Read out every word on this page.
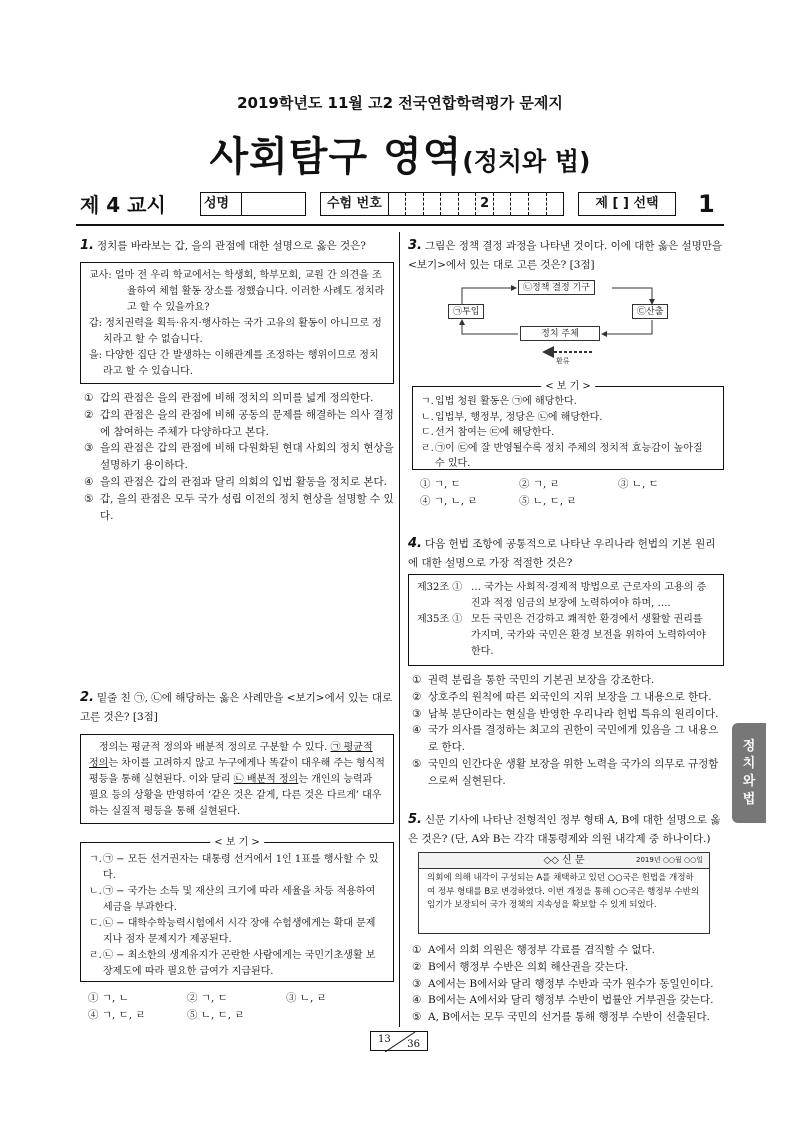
2019학년도 11월 고2 전국연합학력평가 문제지
사회탐구 영역(정치와 법)
제 4 교시	성명	수험 번호	2	제 [ ] 선택 1
1. 정치를 바라보는 갑, 을의 관점에 대한 설명으로 옳은 것은?
교사: 얼마 전 우리 학교에서는 학생회, 학부모회, 교원 간 의견을 조율하여 체험 활동 장소를 정했습니다. 이러한 사례도 정치라고 할 수 있을까요?
갑: 정치권력을 획득·유지·행사하는 국가 고유의 활동이 아니므로 정치라고 할 수 없습니다.
을: 다양한 집단 간 발생하는 이해관계를 조정하는 행위이므로 정치라고 할 수 있습니다.
① 갑의 관점은 을의 관점에 비해 정치의 의미를 넓게 정의한다.
② 갑의 관점은 을의 관점에 비해 공동의 문제를 해결하는 의사 결정에 참여하는 주체가 다양하다고 본다.
③ 을의 관점은 갑의 관점에 비해 다원화된 현대 사회의 정치 현상을 설명하기 용이하다.
④ 을의 관점은 갑의 관점과 달리 의회의 입법 활동을 정치로 본다.
⑤ 갑, 을의 관점은 모두 국가 성립 이전의 정치 현상을 설명할 수 있다.
2. 밑줄 친 ㉠, ㉡에 해당하는 옳은 사례만을 <보기>에서 있는 대로 고른 것은? [3점]
정의는 평균적 정의와 배분적 정의로 구분할 수 있다. ㉠ 평균적 정의는 차이를 고려하지 않고 누구에게나 똑같이 대우해 주는 형식적 평등을 통해 실현된다. 이와 달리 ㉡ 배분적 정의는 개인의 능력과 필요 등의 상황을 반영하여 ‘같은 것은 같게, 다른 것은 다르게’ 대우하는 실질적 평등을 통해 실현된다.
< 보 기 >
ㄱ. ㉠ − 모든 선거권자는 대통령 선거에서 1인 1표를 행사할 수 있다.
ㄴ. ㉠ − 국가는 소득 및 재산의 크기에 따라 세율을 차등 적용하여 세금을 부과한다.
ㄷ. ㉡ − 대학수학능력시험에서 시각 장애 수험생에게는 확대 문제지나 점자 문제지가 제공된다.
ㄹ. ㉡ − 최소한의 생계유지가 곤란한 사람에게는 국민기초생활 보장제도에 따라 필요한 급여가 지급된다.
① ㄱ, ㄴ	② ㄱ, ㄷ	③ ㄴ, ㄹ
④ ㄱ, ㄷ, ㄹ	⑤ ㄴ, ㄷ, ㄹ
3. 그림은 정책 결정 과정을 나타낸 것이다. 이에 대한 옳은 설명만을 <보기>에서 있는 대로 고른 것은? [3점]
㉡정책 결정 기구
㉠투입	㉢산출
정치 주체
환류
< 보 기 >
ㄱ. 입법 청원 활동은 ㉠에 해당한다.
ㄴ. 입법부, 행정부, 정당은 ㉡에 해당한다.
ㄷ. 선거 참여는 ㉢에 해당한다.
ㄹ. ㉠이 ㉢에 잘 반영될수록 정치 주체의 정치적 효능감이 높아질 수 있다.
① ㄱ, ㄷ	② ㄱ, ㄹ	③ ㄴ, ㄷ
④ ㄱ, ㄴ, ㄹ	⑤ ㄴ, ㄷ, ㄹ
4. 다음 헌법 조항에 공통적으로 나타난 우리나라 헌법의 기본 원리에 대한 설명으로 가장 적절한 것은?
제32조 ① … 국가는 사회적·경제적 방법으로 근로자의 고용의 증진과 적정 임금의 보장에 노력하여야 하며, ….
제35조 ① 모든 국민은 건강하고 쾌적한 환경에서 생활할 권리를 가지며, 국가와 국민은 환경 보전을 위하여 노력하여야 한다.
① 권력 분립을 통한 국민의 기본권 보장을 강조한다.
② 상호주의 원칙에 따른 외국인의 지위 보장을 그 내용으로 한다.
③ 남북 분단이라는 현실을 반영한 우리나라 헌법 특유의 원리이다.
④ 국가 의사를 결정하는 최고의 권한이 국민에게 있음을 그 내용으로 한다.
⑤ 국민의 인간다운 생활 보장을 위한 노력을 국가의 의무로 규정함으로써 실현된다.
5. 신문 기사에 나타난 전형적인 정부 형태 A, B에 대한 설명으로 옳은 것은? (단, A와 B는 각각 대통령제와 의원 내각제 중 하나이다.)
◇◇ 신 문	2019년 ○○월 ○○일
의회에 의해 내각이 구성되는 A를 채택하고 있던 ○○국은 헌법을 개정하여 정부 형태를 B로 변경하였다. 이번 개정을 통해 ○○국은 행정부 수반의 임기가 보장되어 국가 정책의 지속성을 확보할 수 있게 되었다.
① A에서 의회 의원은 행정부 각료를 겸직할 수 없다.
② B에서 행정부 수반은 의회 해산권을 갖는다.
③ A에서는 B에서와 달리 행정부 수반과 국가 원수가 동일인이다.
④ B에서는 A에서와 달리 행정부 수반이 법률안 거부권을 갖는다.
⑤ A, B에서는 모두 국민의 선거를 통해 행정부 수반이 선출된다.
정
치
와
법
13 36
